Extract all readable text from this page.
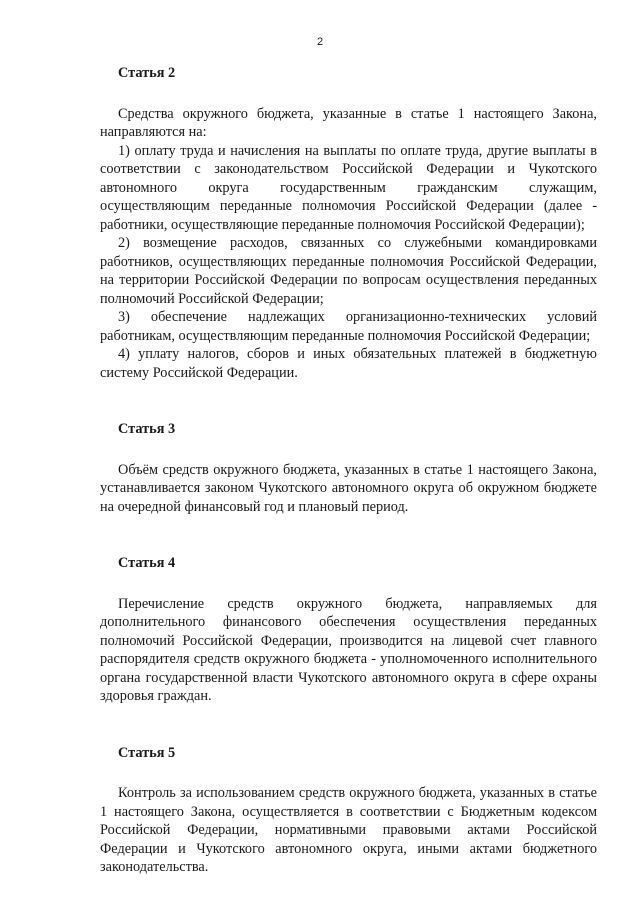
2

Статья 2

Средства окружного бюджета, указанные в статье 1 настоящего Закона, направляются на:

1) оплату труда и начисления на выплаты по оплате труда, другие выплаты в соответствии с законодательством Российской Федерации и Чукотского автономного округа государственным гражданским служащим, осуществляющим переданные полномочия Российской Федерации (далее - работники, осуществляющие переданные полномочия Российской Федерации);

2) возмещение расходов, связанных со служебными командировками работников, осуществляющих переданные полномочия Российской Федерации, на территории Российской Федерации по вопросам осуществления переданных полномочий Российской Федерации;

3) обеспечение надлежащих организационно-технических условий работникам, осуществляющим переданные полномочия Российской Федерации;

4) уплату налогов, сборов и иных обязательных платежей в бюджетную систему Российской Федерации.

Статья 3

Объём средств окружного бюджета, указанных в статье 1 настоящего Закона, устанавливается законом Чукотского автономного округа об окружном бюджете на очередной финансовый год и плановый период.

Статья 4

Перечисление средств окружного бюджета, направляемых для дополнительного финансового обеспечения осуществления переданных полномочий Российской Федерации, производится на лицевой счет главного распорядителя средств окружного бюджета - уполномоченного исполнительного органа государственной власти Чукотского автономного округа в сфере охраны здоровья граждан.

Статья 5

Контроль за использованием средств окружного бюджета, указанных в статье 1 настоящего Закона, осуществляется в соответствии с Бюджетным кодексом Российской Федерации, нормативными правовыми актами Российской Федерации и Чукотского автономного округа, иными актами бюджетного законодательства.
